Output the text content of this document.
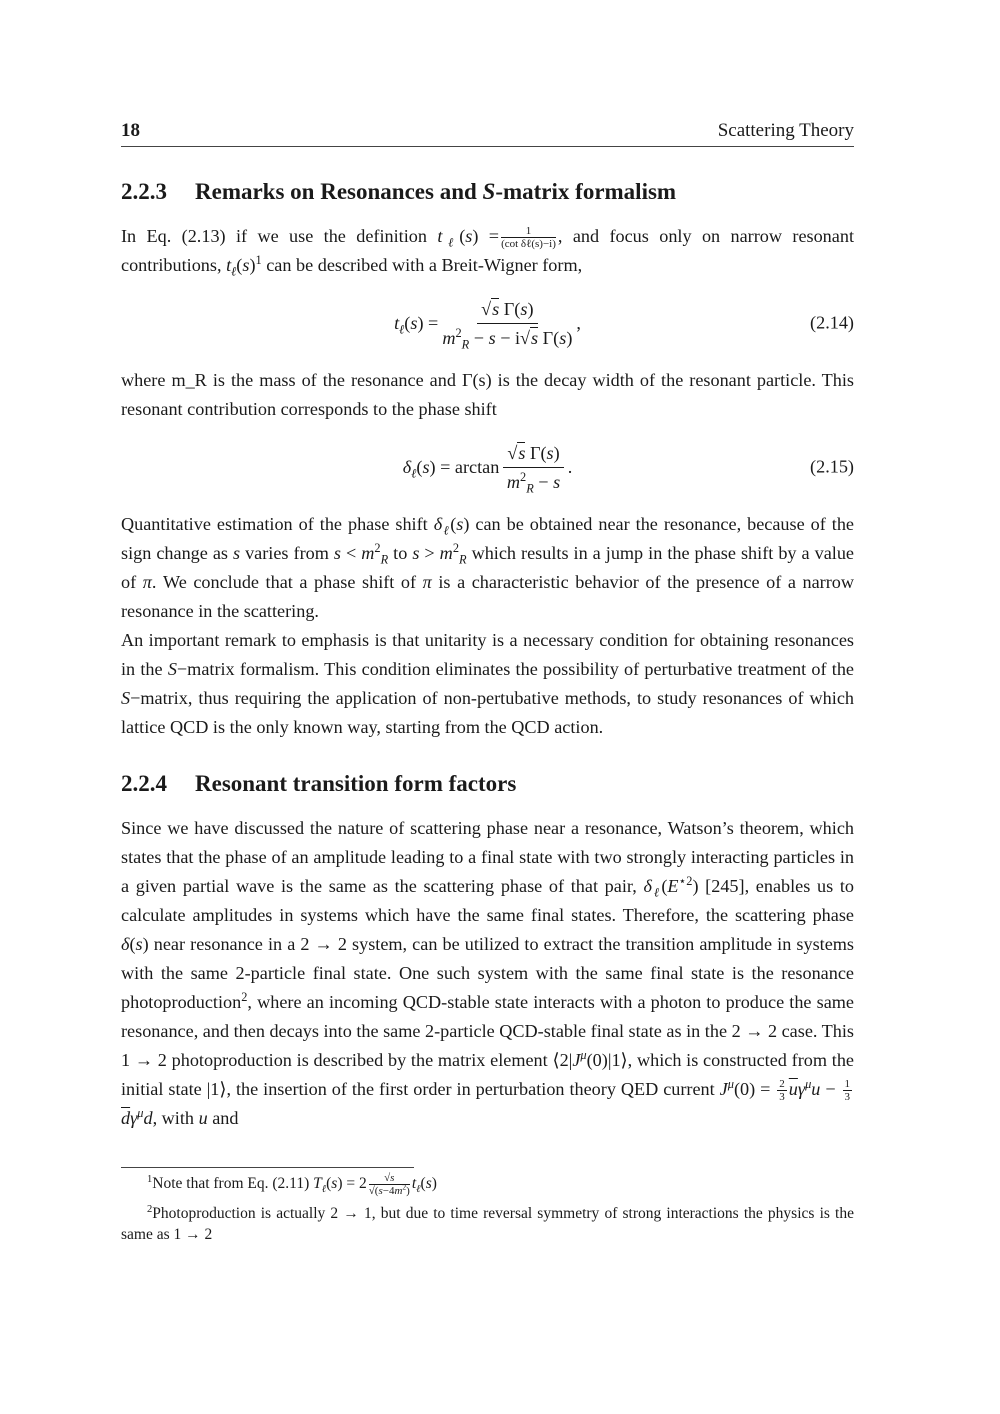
18	Scattering Theory
2.2.3 Remarks on Resonances and S-matrix formalism

In Eq. (2.13) if we use the definition $t_\ell(s) = \frac{1}{\text{(cot δℓ(s)−i)}}$ , and focus only on narrow resonant contributions, $t_\ell(s)^1$ can be described with a Breit-Wigner form,

$t_\ell(s) = \frac{\text{√s Γ(s)}}{m^2_R - s - i√s \Gamma(s)}$ ,	(2.14)

where m_R is the mass of the resonance and Γ(s) is the decay width of the resonant particle. This resonant contribution corresponds to the phase shift

$\delta_\ell(s) = \arctan \frac{\text{√s Γ(s)}}{m^2_R - s}$ .	(2.15)

Quantitative estimation of the phase shift $\delta_\ell(s)$ can be obtained near the resonance, because of the sign change as s varies from $s < m^2_R$ to $s > m^2_R$ which results in a jump in the phase shift by a value of π. We conclude that a phase shift of π is a characteristic behavior of the presence of a narrow resonance in the scattering.

An important remark to emphasis is that unitarity is a necessary condition for obtaining resonances in the S−matrix formalism. This condition eliminates the possibility of perturbative treatment of the S−matrix, thus requiring the application of non-pertubative methods, to study resonances of which lattice QCD is the only known way, starting from the QCD action.

2.2.4 Resonant transition form factors

Since we have discussed the nature of scattering phase near a resonance, Watson’s theorem, which states that the phase of an amplitude leading to a final state with two strongly interacting particles in a given partial wave is the same as the scattering phase of that pair, $\delta_\ell(E^{⋆2})$ [245], enables us to calculate amplitudes in systems which have the same final states. Therefore, the scattering phase δ(s) near resonance in a 2 → 2 system, can be utilized to extract the transition amplitude in systems with the same 2-particle final state. One such system with the same final state is the resonance photoproduction$^2$, where an incoming QCD-stable state interacts with a photon to produce the same resonance, and then decays into the same 2-particle QCD-stable final state as in the 2 → 2 case. This 1 → 2 photoproduction is described by the matrix element $⟨2|J^\mu(0)|1⟩$, which is constructed from the initial state |1⟩, the insertion of the first order in perturbation theory QED current $J^\mu(0) = \frac{2}{3} \overline{u}\gamma^\mu u - \frac{1}{3}$
$\overline{d}\gamma^\mu d$, with u and

$^1$Note that from Eq. (2.11) $T_\ell(s) = 2 \frac{√s}{√(s-4m^2)} t_\ell(s)$

$^2$Photoproduction is actually 2 → 1, but due to time reversal symmetry of strong interactions the physics is the same as 1 → 2
